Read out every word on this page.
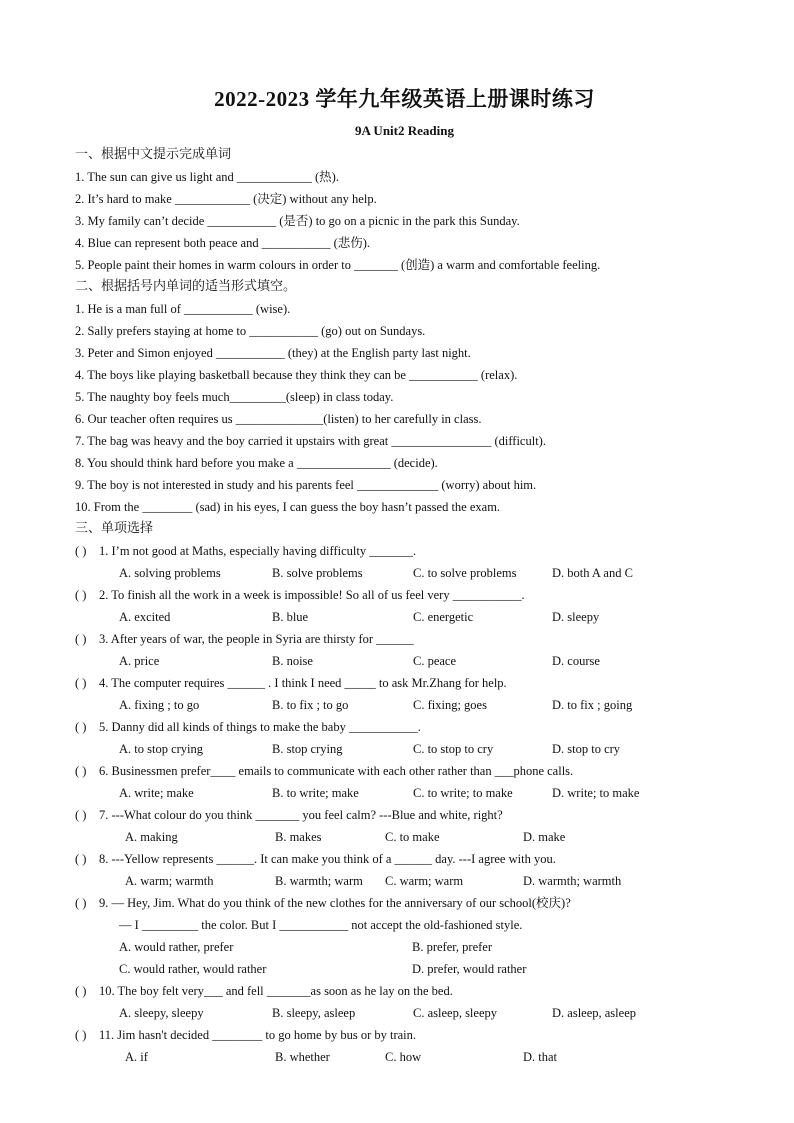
2022-2023 学年九年级英语上册课时练习
9A Unit2 Reading
一、根据中文提示完成单词
1. The sun can give us light and ____________ (热).
2. It’s hard to make ____________ (决定) without any help.
3. My family can’t decide ___________ (是否) to go on a picnic in the park this Sunday.
4. Blue can represent both peace and ___________ (悲伤).
5. People paint their homes in warm colours in order to _______ (创造) a warm and comfortable feeling.
二、根据括号内单词的适当形式填空。
1. He is a man full of ___________ (wise).
2. Sally prefers staying at home to ___________ (go) out on Sundays.
3. Peter and Simon enjoyed ___________ (they) at the English party last night.
4. The boys like playing basketball because they think they can be ___________ (relax).
5. The naughty boy feels much_________(sleep) in class today.
6. Our teacher often requires us ______________(listen) to her carefully in class.
7. The bag was heavy and the boy carried it upstairs with great ________________ (difficult).
8. You should think hard before you make a _______________ (decide).
9. The boy is not interested in study and his parents feel _____________ (worry) about him.
10. From the ________ (sad) in his eyes, I can guess the boy hasn’t passed the exam.
三、单项选择
( ) 1. I’m not good at Maths, especially having difficulty _______.
A. solving problems	B. solve problems	C. to solve problems	D. both A and C
( ) 2. To finish all the work in a week is impossible! So all of us feel very ___________.
A. excited	B. blue	C. energetic	D. sleepy
( ) 3. After years of war, the people in Syria are thirsty for ______
A. price	B. noise	C. peace	D. course
( ) 4. The computer requires ______ . I think I need _____ to ask Mr.Zhang for help.
A. fixing ; to go	B. to fix ; to go	C. fixing; goes	D. to fix ; going
( ) 5. Danny did all kinds of things to make the baby ___________.
A. to stop crying	B. stop crying	C. to stop to cry	D. stop to cry
( ) 6. Businessmen prefer____ emails to communicate with each other rather than ___phone calls.
A. write; make	B. to write; make	C. to write; to make	D. write; to make
( ) 7. ---What colour do you think _______ you feel calm? ---Blue and white, right?
A. making	B. makes	C. to make	D. make
( ) 8. ---Yellow represents ______. It can make you think of a ______ day. ---I agree with you.
A. warm; warmth	B. warmth; warm C. warm; warm	D. warmth; warmth
( ) 9. — Hey, Jim. What do you think of the new clothes for the anniversary of our school(校庆)?
— I _________ the color. But I ___________ not accept the old-fashioned style.
A. would rather, prefer	B. prefer, prefer
C. would rather, would rather	D. prefer, would rather
( ) 10. The boy felt very___ and fell _______as soon as he lay on the bed.
A. sleepy, sleepy	B. sleepy, asleep	C. asleep, sleepy	D. asleep, asleep
( ) 11. Jim hasn't decided ________ to go home by bus or by train.
A. if	B. whether	C. how	D. that
